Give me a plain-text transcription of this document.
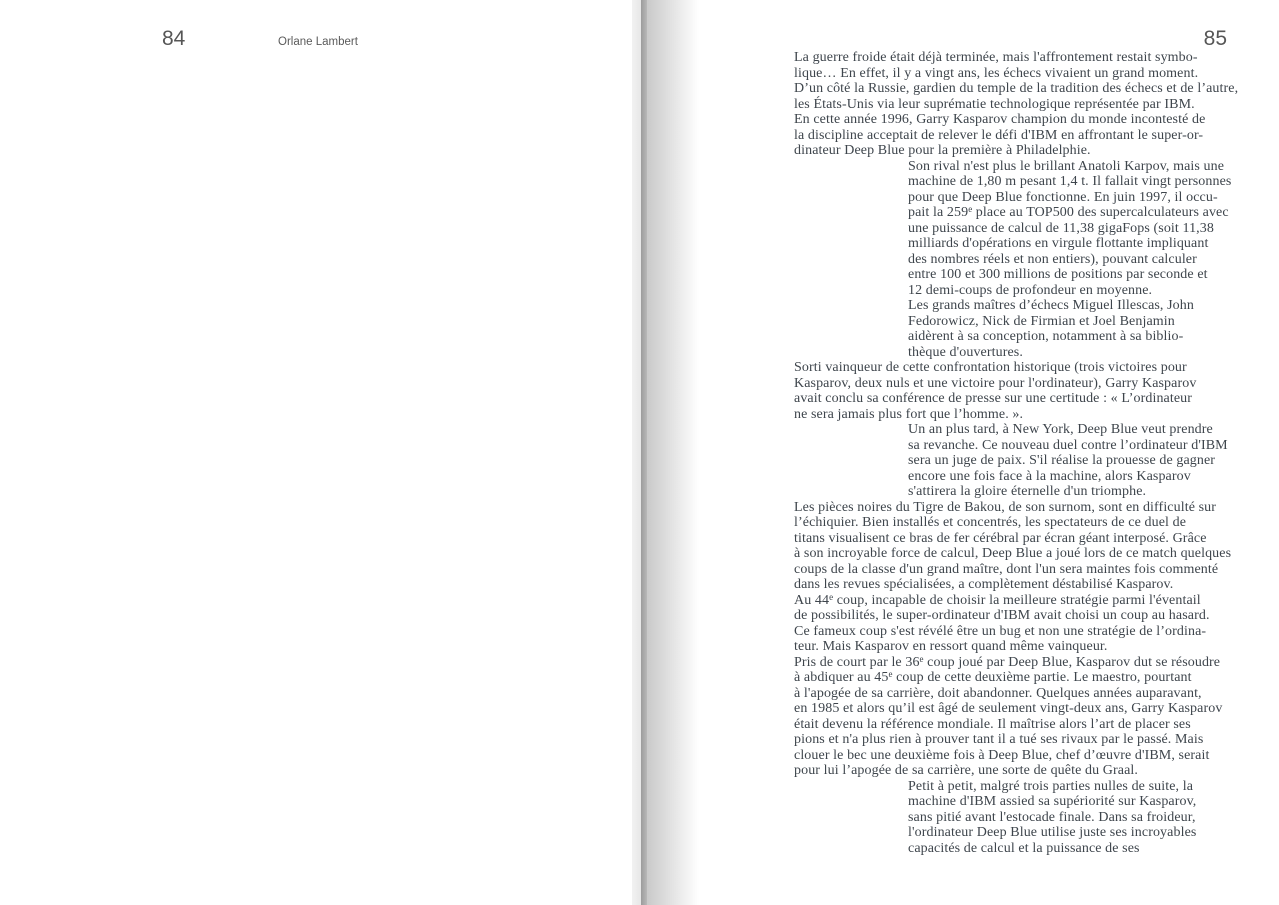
84	Orlane Lambert	85
La guerre froide était déjà terminée, mais l'affrontement restait symbo-
lique… En effet, il y a vingt ans, les échecs vivaient un grand moment.
D’un côté la Russie, gardien du temple de la tradition des échecs et de l’autre,
les États-Unis via leur suprématie technologique représentée par IBM.
En cette année 1996, Garry Kasparov champion du monde incontesté de
la discipline acceptait de relever le défi d'IBM en affrontant le super-or-
dinateur Deep Blue pour la première à Philadelphie.
Son rival n'est plus le brillant Anatoli Karpov, mais une
machine de 1,80 m pesant 1,4 t. Il fallait vingt personnes
pour que Deep Blue fonctionne. En juin 1997, il occu-
pait la 259e place au TOP500 des supercalculateurs avec
une puissance de calcul de 11,38 gigaFops (soit 11,38
milliards d'opérations en virgule flottante impliquant
des nombres réels et non entiers), pouvant calculer
entre 100 et 300 millions de positions par seconde et
12 demi-coups de profondeur en moyenne.
Les grands maîtres d’échecs Miguel Illescas, John
Fedorowicz, Nick de Firmian et Joel Benjamin
aidèrent à sa conception, notamment à sa biblio-
thèque d'ouvertures.
Sorti vainqueur de cette confrontation historique (trois victoires pour
Kasparov, deux nuls et une victoire pour l'ordinateur), Garry Kasparov
avait conclu sa conférence de presse sur une certitude : « L’ordinateur
ne sera jamais plus fort que l’homme. ».
Un an plus tard, à New York, Deep Blue veut prendre
sa revanche. Ce nouveau duel contre l’ordinateur d'IBM
sera un juge de paix. S'il réalise la prouesse de gagner
encore une fois face à la machine, alors Kasparov
s'attirera la gloire éternelle d'un triomphe.
Les pièces noires du Tigre de Bakou, de son surnom, sont en difficulté sur
l’échiquier. Bien installés et concentrés, les spectateurs de ce duel de
titans visualisent ce bras de fer cérébral par écran géant interposé. Grâce
à son incroyable force de calcul, Deep Blue a joué lors de ce match quelques
coups de la classe d'un grand maître, dont l'un sera maintes fois commenté
dans les revues spécialisées, a complètement déstabilisé Kasparov.
Au 44e coup, incapable de choisir la meilleure stratégie parmi l'éventail
de possibilités, le super-ordinateur d'IBM avait choisi un coup au hasard.
Ce fameux coup s'est révélé être un bug et non une stratégie de l’ordina-
teur. Mais Kasparov en ressort quand même vainqueur.
Pris de court par le 36e coup joué par Deep Blue, Kasparov dut se résoudre
à abdiquer au 45e coup de cette deuxième partie. Le maestro, pourtant
à l'apogée de sa carrière, doit abandonner. Quelques années auparavant,
en 1985 et alors qu’il est âgé de seulement vingt-deux ans, Garry Kasparov
était devenu la référence mondiale. Il maîtrise alors l’art de placer ses
pions et n'a plus rien à prouver tant il a tué ses rivaux par le passé. Mais
clouer le bec une deuxième fois à Deep Blue, chef d’œuvre d'IBM, serait
pour lui l’apogée de sa carrière, une sorte de quête du Graal.
Petit à petit, malgré trois parties nulles de suite, la
machine d'IBM assied sa supériorité sur Kasparov,
sans pitié avant l'estocade finale. Dans sa froideur,
l'ordinateur Deep Blue utilise juste ses incroyables
capacités de calcul et la puissance de ses
